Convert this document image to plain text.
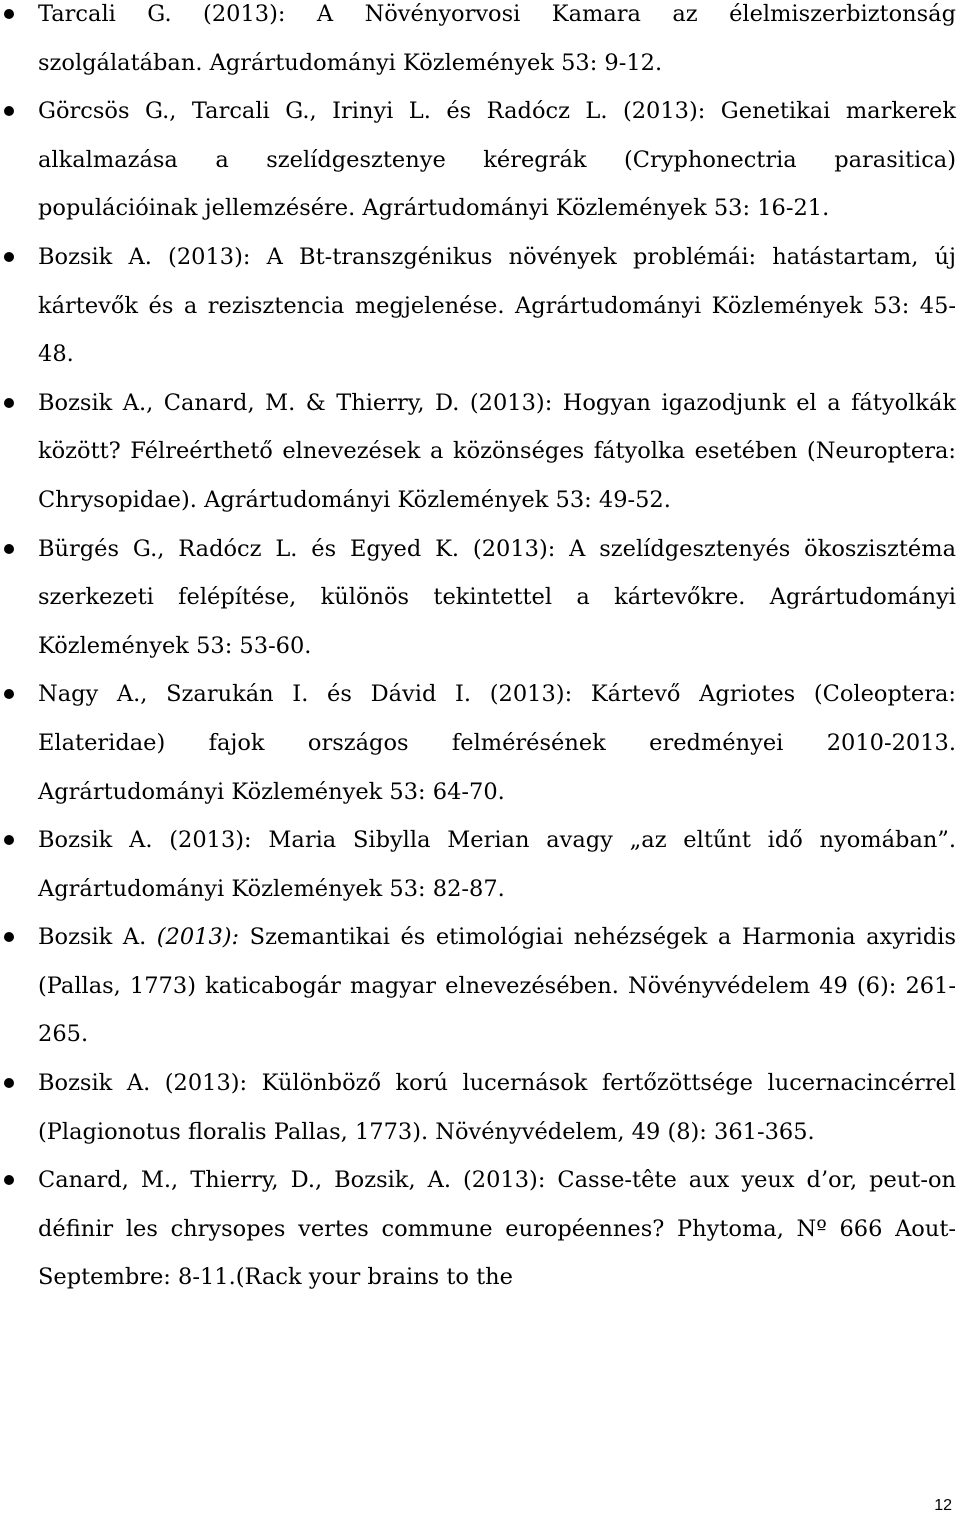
Tarcali G. (2013): A Növényorvosi Kamara az élelmiszerbiztonság szolgálatában. Agrártudományi Közlemények 53: 9-12.
Görcsös G., Tarcali G., Irinyi L. és Radócz L. (2013): Genetikai markerek alkalmazása a szelídgesztenye kéregrák (Cryphonectria parasitica) populációinak jellemzésére. Agrártudományi Közlemények 53: 16-21.
Bozsik A. (2013): A Bt-transzgénikus növények problémái: hatástartam, új kártevők és a rezisztencia megjelenése. Agrártudományi Közlemények 53: 45-48.
Bozsik A., Canard, M. & Thierry, D. (2013): Hogyan igazodjunk el a fátyolkák között? Félreérthető elnevezések a közönséges fátyolka esetében (Neuroptera: Chrysopidae). Agrártudományi Közlemények 53: 49-52.
Bürgés G., Radócz L. és Egyed K. (2013): A szelídgesztenyés ökoszisztéma szerkezeti felépítése, különös tekintettel a kártevőkre. Agrártudományi Közlemények 53: 53-60.
Nagy A., Szarukán I. és Dávid I. (2013): Kártevő Agriotes (Coleoptera: Elateridae) fajok országos felmérésének eredményei 2010-2013. Agrártudományi Közlemények 53: 64-70.
Bozsik A. (2013): Maria Sibylla Merian avagy „az eltűnt idő nyomában”. Agrártudományi Közlemények 53: 82-87.
Bozsik A. (2013): Szemantikai és etimológiai nehézségek a Harmonia axyridis (Pallas, 1773) katicabogár magyar elnevezésében. Növényvédelem 49 (6): 261-265.
Bozsik A. (2013): Különböző korú lucernások fertőzöttsége lucernacincérrel (Plagionotus floralis Pallas, 1773). Növényvédelem, 49 (8): 361-365.
Canard, M., Thierry, D., Bozsik, A. (2013): Casse-tête aux yeux d’or, peut-on définir les chrysopes vertes commune européennes? Phytoma, Nº 666 Aout-Septembre: 8-11.(Rack your brains to the
12
